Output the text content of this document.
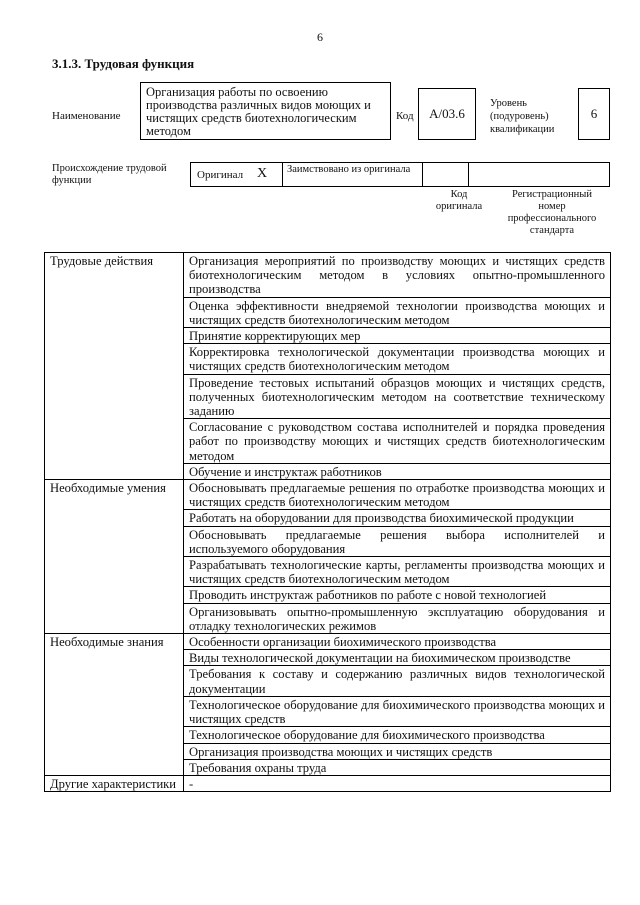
6
3.1.3. Трудовая функция
Наименование
Организация работы по освоению производства различных видов моющих и чистящих средств биотехнологическим методом
Код А/03.6
Уровень (подуровень) квалификации
6
Происхождение трудовой функции	Оригинал X	Заимствовано из оригинала
Код оригинала
Регистрационный номер профессионального стандарта
Трудовые действия	Организация мероприятий по производству моющих и чистящих средств биотехнологическим методом в условиях опытно-промышленного производства
	Оценка эффективности внедряемой технологии производства моющих и чистящих средств биотехнологическим методом
	Принятие корректирующих мер
	Корректировка технологической документации производства моющих и чистящих средств биотехнологическим методом
	Проведение тестовых испытаний образцов моющих и чистящих средств, полученных биотехнологическим методом на соответствие техническому заданию
	Согласование с руководством состава исполнителей и порядка проведения работ по производству моющих и чистящих средств биотехнологическим методом
	Обучение и инструктаж работников
Необходимые умения	Обосновывать предлагаемые решения по отработке производства моющих и чистящих средств биотехнологическим методом
	Работать на оборудовании для производства биохимической продукции
	Обосновывать предлагаемые решения выбора исполнителей и используемого оборудования
	Разрабатывать технологические карты, регламенты производства моющих и чистящих средств биотехнологическим методом
	Проводить инструктаж работников по работе с новой технологией
	Организовывать опытно-промышленную эксплуатацию оборудования и отладку технологических режимов
Необходимые знания	Особенности организации биохимического производства
	Виды технологической документации на биохимическом производстве
	Требования к составу и содержанию различных видов технологической документации
	Технологическое оборудование для биохимического производства моющих и чистящих средств
	Технологическое оборудование для биохимического производства
	Организация производства моющих и чистящих средств
	Требования охраны труда
Другие характеристики	-
